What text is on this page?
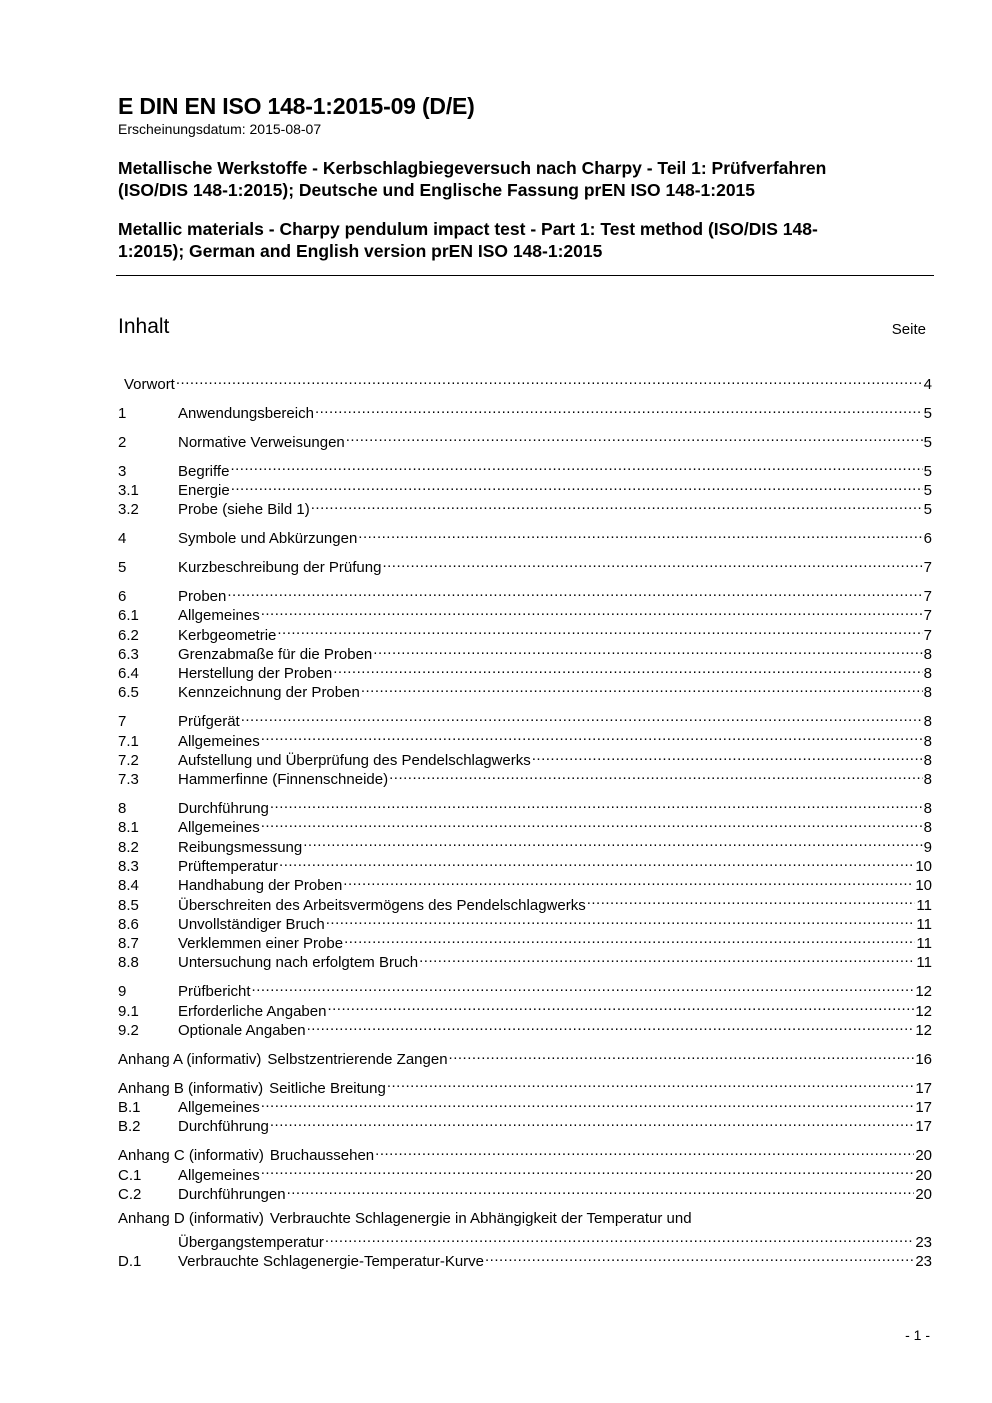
E DIN EN ISO 148-1:2015-09 (D/E)
Erscheinungsdatum: 2015-08-07
Metallische Werkstoffe - Kerbschlagbiegeversuch nach Charpy - Teil 1: Prüfverfahren
(ISO/DIS 148-1:2015); Deutsche und Englische Fassung prEN ISO 148-1:2015
Metallic materials - Charpy pendulum impact test - Part 1: Test method (ISO/DIS 148-
1:2015); German and English version prEN ISO 148-1:2015
Inhalt	Seite
Vorwort .....	4
1	Anwendungsbereich .....	5
2	Normative Verweisungen .....	5
3	Begriffe .....	5
3.1	Energie .....	5
3.2	Probe (siehe Bild 1) .....	5
4	Symbole und Abkürzungen .....	6
5	Kurzbeschreibung der Prüfung .....	7
6	Proben .....	7
6.1	Allgemeines .....	7
6.2	Kerbgeometrie .....	7
6.3	Grenzabmaße für die Proben .....	8
6.4	Herstellung der Proben .....	8
6.5	Kennzeichnung der Proben .....	8
7	Prüfgerät .....	8
7.1	Allgemeines .....	8
7.2	Aufstellung und Überprüfung des Pendelschlagwerks .....	8
7.3	Hammerfinne (Finnenschneide) .....	8
8	Durchführung .....	8
8.1	Allgemeines .....	8
8.2	Reibungsmessung .....	9
8.3	Prüftemperatur .....	10
8.4	Handhabung der Proben .....	10
8.5	Überschreiten des Arbeitsvermögens des Pendelschlagwerks .....	11
8.6	Unvollständiger Bruch .....	11
8.7	Verklemmen einer Probe .....	11
8.8	Untersuchung nach erfolgtem Bruch .....	11
9	Prüfbericht .....	12
9.1	Erforderliche Angaben .....	12
9.2	Optionale Angaben .....	12
Anhang A (informativ) Selbstzentrierende Zangen .....	16
Anhang B (informativ) Seitliche Breitung .....	17
B.1	Allgemeines .....	17
B.2	Durchführung .....	17
Anhang C (informativ) Bruchaussehen .....	20
C.1	Allgemeines .....	20
C.2	Durchführungen .....	20
Anhang D (informativ) Verbrauchte Schlagenergie in Abhängigkeit der Temperatur und
Übergangstemperatur .....	23
D.1	Verbrauchte Schlagenergie-Temperatur-Kurve .....	23
- 1 -
